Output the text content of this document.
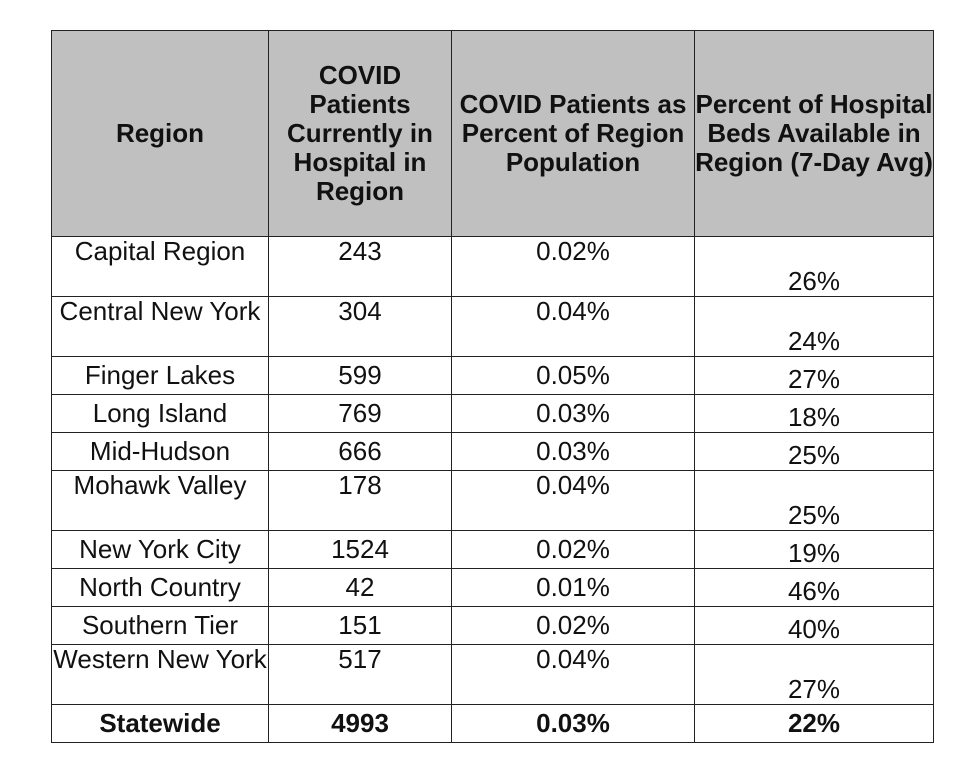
Region	COVID Patients Currently in Hospital in Region	COVID Patients as Percent of Region Population	Percent of Hospital Beds Available in Region (7-Day Avg)
Capital Region	243	0.02%	26%
Central New York	304	0.04%	24%
Finger Lakes	599	0.05%	27%
Long Island	769	0.03%	18%
Mid-Hudson	666	0.03%	25%
Mohawk Valley	178	0.04%	25%
New York City	1524	0.02%	19%
North Country	42	0.01%	46%
Southern Tier	151	0.02%	40%
Western New York	517	0.04%	27%
Statewide	4993	0.03%	22%
